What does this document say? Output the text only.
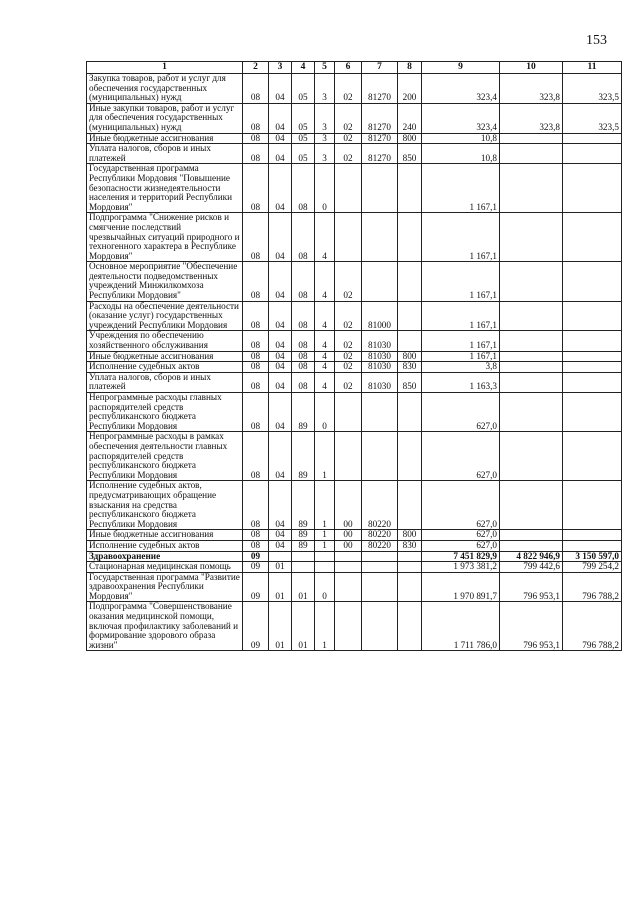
153
1	2	3	4	5	6	7	8	9	10	11
Закупка товаров, работ и услуг для обеспечения государственных (муниципальных) нужд	08	04	05	3	02	81270	200	323,4	323,8	323,5
Иные закупки товаров, работ и услуг для обеспечения государственных (муниципальных) нужд	08	04	05	3	02	81270	240	323,4	323,8	323,5
Иные бюджетные ассигнования	08	04	05	3	02	81270	800	10,8		
Уплата налогов, сборов и иных платежей	08	04	05	3	02	81270	850	10,8		
Государственная программа Республики Мордовия "Повышение безопасности жизнедеятельности населения и территорий Республики Мордовия"	08	04	08	0				1 167,1		
Подпрограмма "Снижение рисков и смягчение последствий чрезвычайных ситуаций природного и техногенного характера в Республике Мордовия"	08	04	08	4				1 167,1		
Основное мероприятие "Обеспечение деятельности подведомственных учреждений Минжилкомхоза Республики Мордовия"	08	04	08	4	02			1 167,1		
Расходы на обеспечение деятельности (оказание услуг) государственных учреждений Республики Мордовия	08	04	08	4	02	81000		1 167,1		
Учреждения по обеспечению хозяйственного обслуживания	08	04	08	4	02	81030		1 167,1		
Иные бюджетные ассигнования	08	04	08	4	02	81030	800	1 167,1		
Исполнение судебных актов	08	04	08	4	02	81030	830	3,8		
Уплата налогов, сборов и иных платежей	08	04	08	4	02	81030	850	1 163,3		
Непрограммные расходы главных распорядителей средств республиканского бюджета Республики Мордовия	08	04	89	0				627,0		
Непрограммные расходы в рамках обеспечения деятельности главных распорядителей средств республиканского бюджета Республики Мордовия	08	04	89	1				627,0		
Исполнение судебных актов, предусматривающих обращение взыскания на средства республиканского бюджета Республики Мордовия	08	04	89	1	00	80220		627,0		
Иные бюджетные ассигнования	08	04	89	1	00	80220	800	627,0		
Исполнение судебных актов	08	04	89	1	00	80220	830	627,0		
Здравоохранение	09							7 451 829,9	4 822 946,9	3 150 597,0
Стационарная медицинская помощь	09	01						1 973 381,2	799 442,6	799 254,2
Государственная программа "Развитие здравоохранения Республики Мордовия"	09	01	01	0				1 970 891,7	796 953,1	796 788,2
Подпрограмма "Совершенствование оказания медицинской помощи, включая профилактику заболеваний и формирование здорового образа жизни"	09	01	01	1				1 711 786,0	796 953,1	796 788,2
